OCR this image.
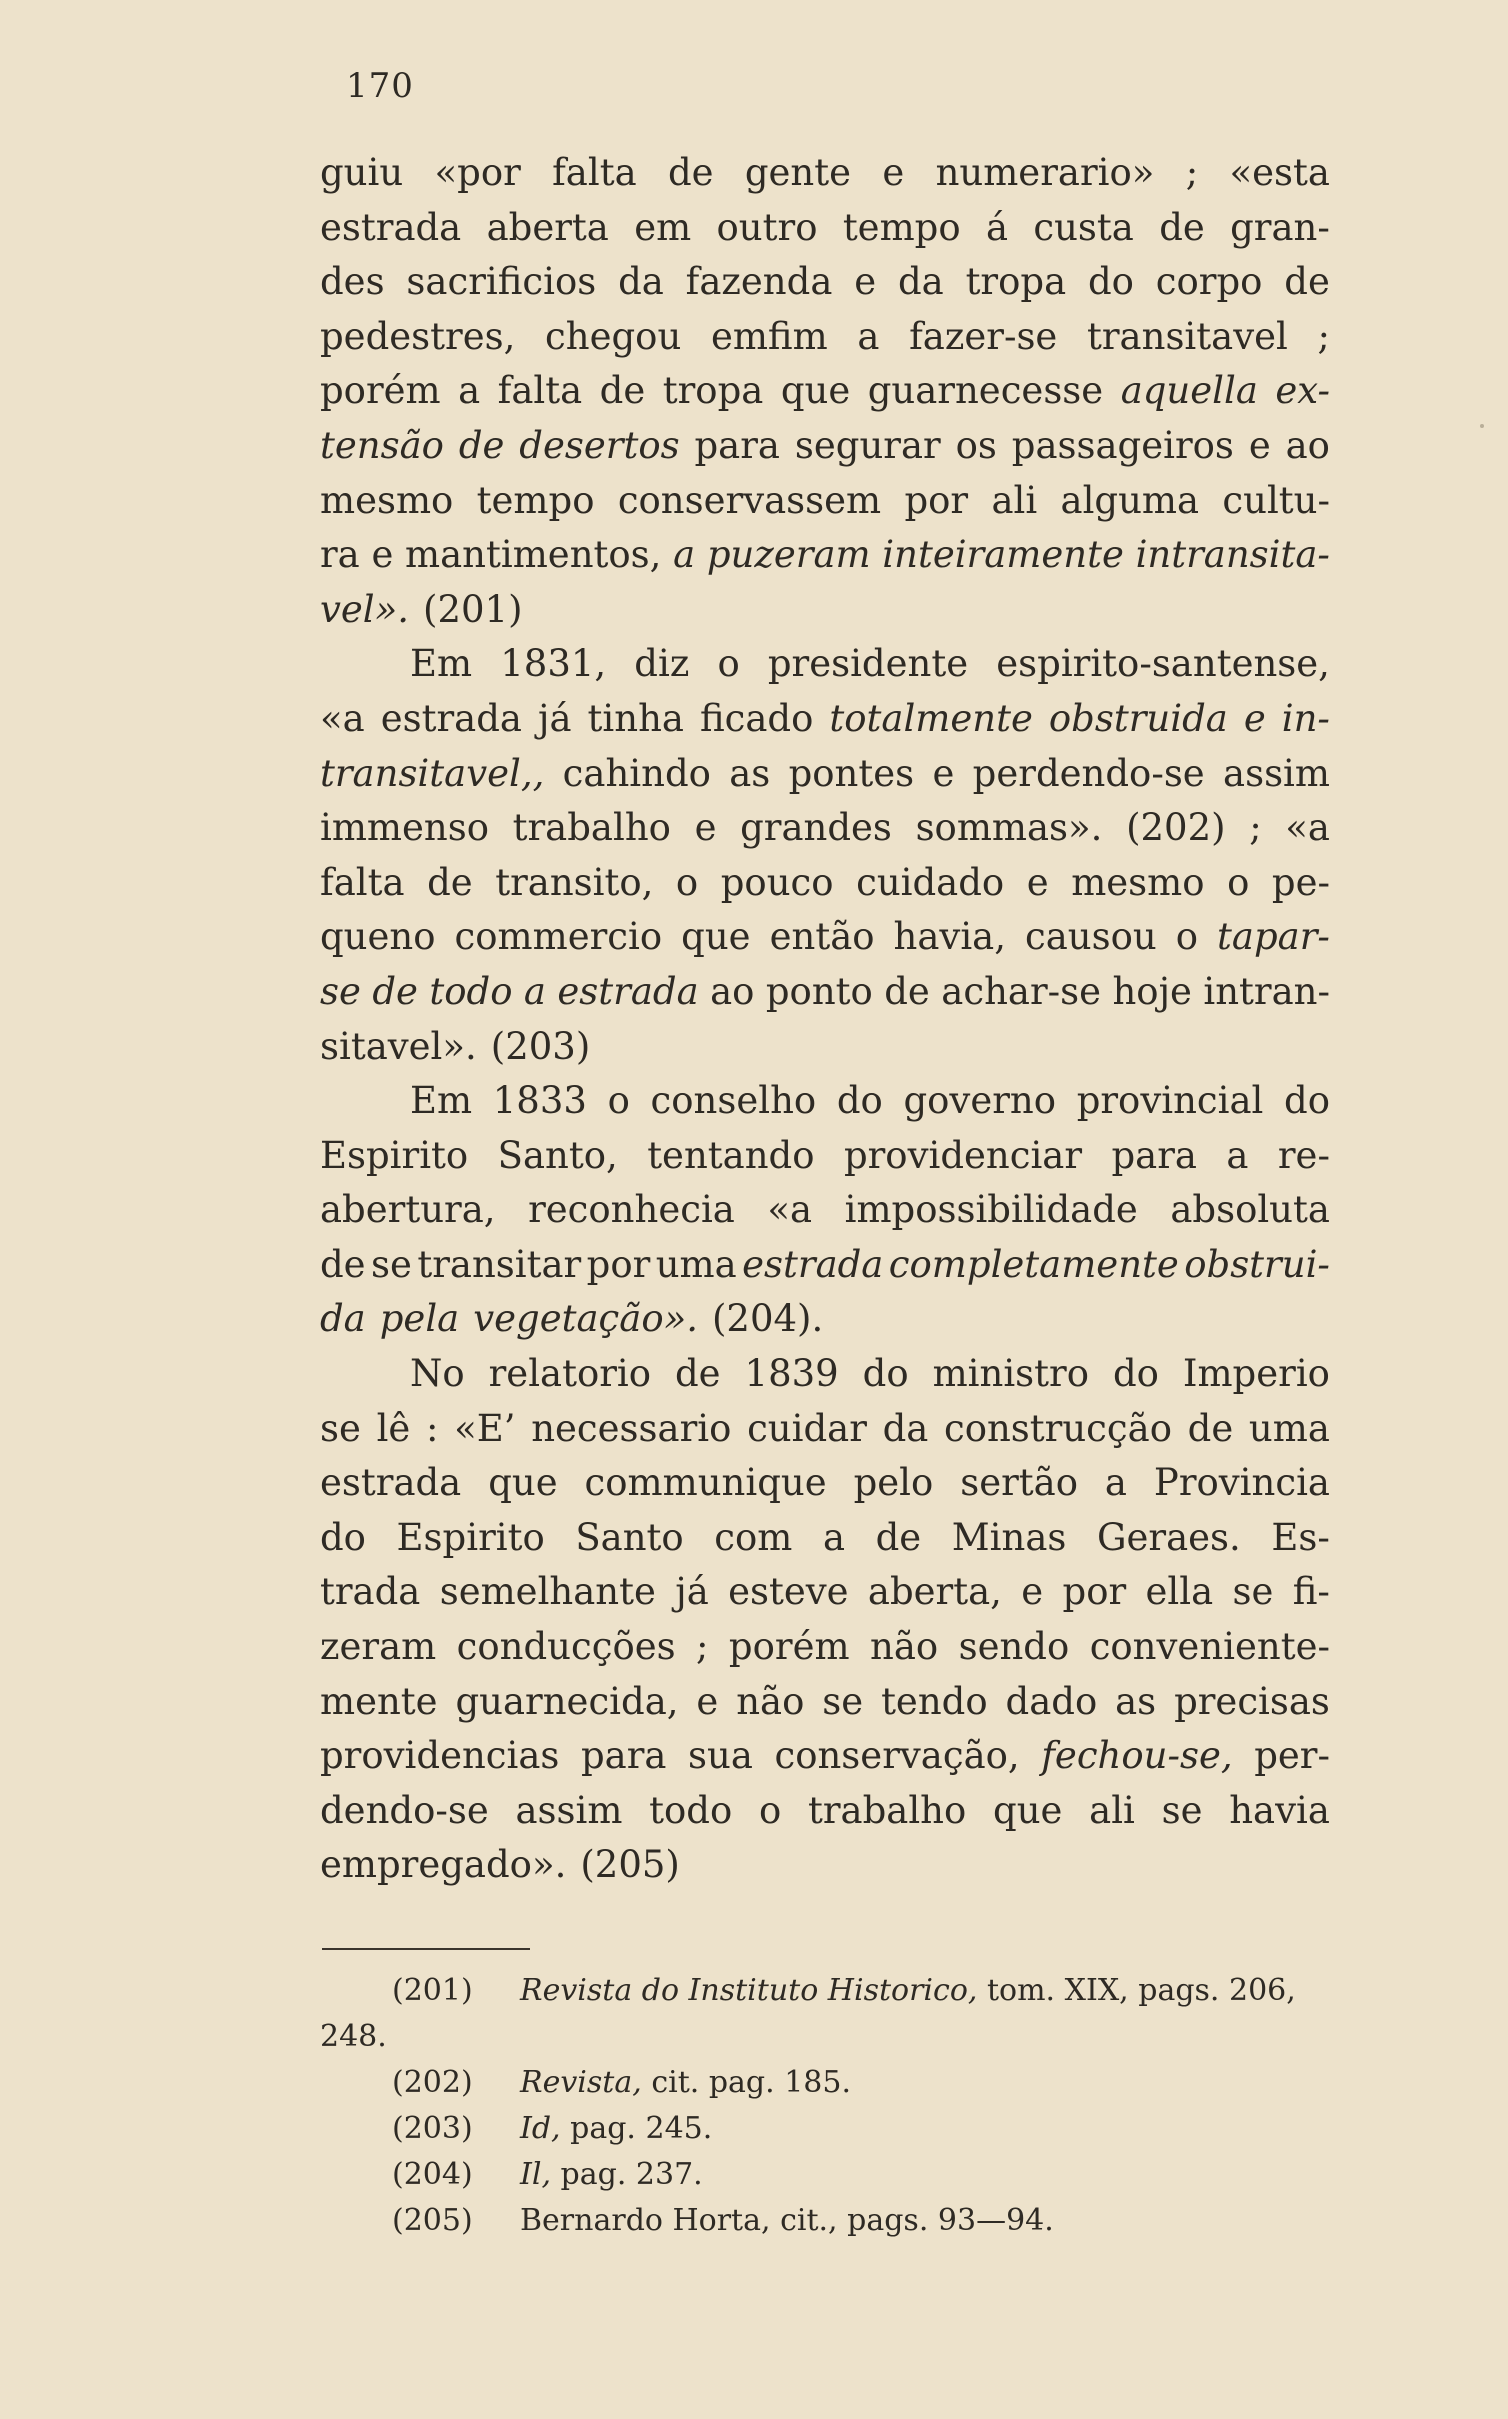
170
guiu «por falta de gente e numerario» ; «esta
estrada aberta em outro tempo á custa de gran-
des sacrificios da fazenda e da tropa do corpo de
pedestres, chegou emfim a fazer-se transitavel ;
porém a falta de tropa que guarnecesse aquella ex-
tensão de desertos para segurar os passageiros e ao
mesmo tempo conservassem por ali alguma cultu-
ra e mantimentos, a puzeram inteiramente intransita-
vel». (201)
Em 1831, diz o presidente espirito-santense,
«a estrada já tinha ficado totalmente obstruida e in-
transitavel,, cahindo as pontes e perdendo-se assim
immenso trabalho e grandes sommas». (202) ; «a
falta de transito, o pouco cuidado e mesmo o pe-
queno commercio que então havia, causou o tapar-
se de todo a estrada ao ponto de achar-se hoje intran-
sitavel». (203)
Em 1833 o conselho do governo provincial do
Espirito Santo, tentando providenciar para a re-
abertura, reconhecia «a impossibilidade absoluta
de se transitar por uma estrada completamente obstrui-
da pela vegetação». (204).
No relatorio de 1839 do ministro do Imperio
se lê : «E’ necessario cuidar da construcção de uma
estrada que communique pelo sertão a Provincia
do Espirito Santo com a de Minas Geraes. Es-
trada semelhante já esteve aberta, e por ella se fi-
zeram conducções ; porém não sendo conveniente-
mente guarnecida, e não se tendo dado as precisas
providencias para sua conservação, fechou-se, per-
dendo-se assim todo o trabalho que ali se havia
empregado». (205)
(201)	Revista do Instituto Historico, tom. XIX, pags. 206,
248.
(202)	Revista, cit. pag. 185.
(203)	Id, pag. 245.
(204)	Il, pag. 237.
(205)	Bernardo Horta, cit., pags. 93—94.
